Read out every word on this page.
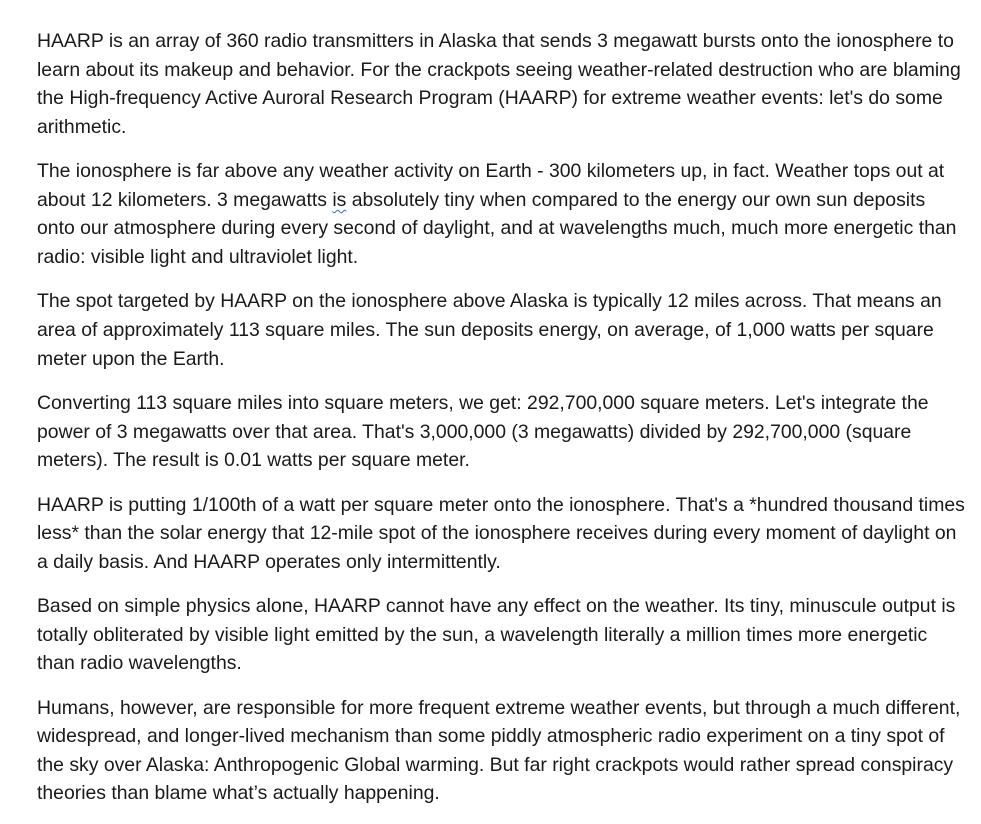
HAARP is an array of 360 radio transmitters in Alaska that sends 3 megawatt bursts onto the ionosphere to learn about its makeup and behavior. For the crackpots seeing weather-related destruction who are blaming the High-frequency Active Auroral Research Program (HAARP) for extreme weather events: let's do some arithmetic.

The ionosphere is far above any weather activity on Earth - 300 kilometers up, in fact. Weather tops out at about 12 kilometers. 3 megawatts is absolutely tiny when compared to the energy our own sun deposits onto our atmosphere during every second of daylight, and at wavelengths much, much more energetic than radio: visible light and ultraviolet light.

The spot targeted by HAARP on the ionosphere above Alaska is typically 12 miles across. That means an area of approximately 113 square miles. The sun deposits energy, on average, of 1,000 watts per square meter upon the Earth.

Converting 113 square miles into square meters, we get: 292,700,000 square meters. Let's integrate the power of 3 megawatts over that area. That's 3,000,000 (3 megawatts) divided by 292,700,000 (square meters). The result is 0.01 watts per square meter.

HAARP is putting 1/100th of a watt per square meter onto the ionosphere. That's a *hundred thousand times less* than the solar energy that 12-mile spot of the ionosphere receives during every moment of daylight on a daily basis. And HAARP operates only intermittently.

Based on simple physics alone, HAARP cannot have any effect on the weather. Its tiny, minuscule output is totally obliterated by visible light emitted by the sun, a wavelength literally a million times more energetic than radio wavelengths.

Humans, however, are responsible for more frequent extreme weather events, but through a much different, widespread, and longer-lived mechanism than some piddly atmospheric radio experiment on a tiny spot of the sky over Alaska: Anthropogenic Global warming. But far right crackpots would rather spread conspiracy theories than blame what’s actually happening.
